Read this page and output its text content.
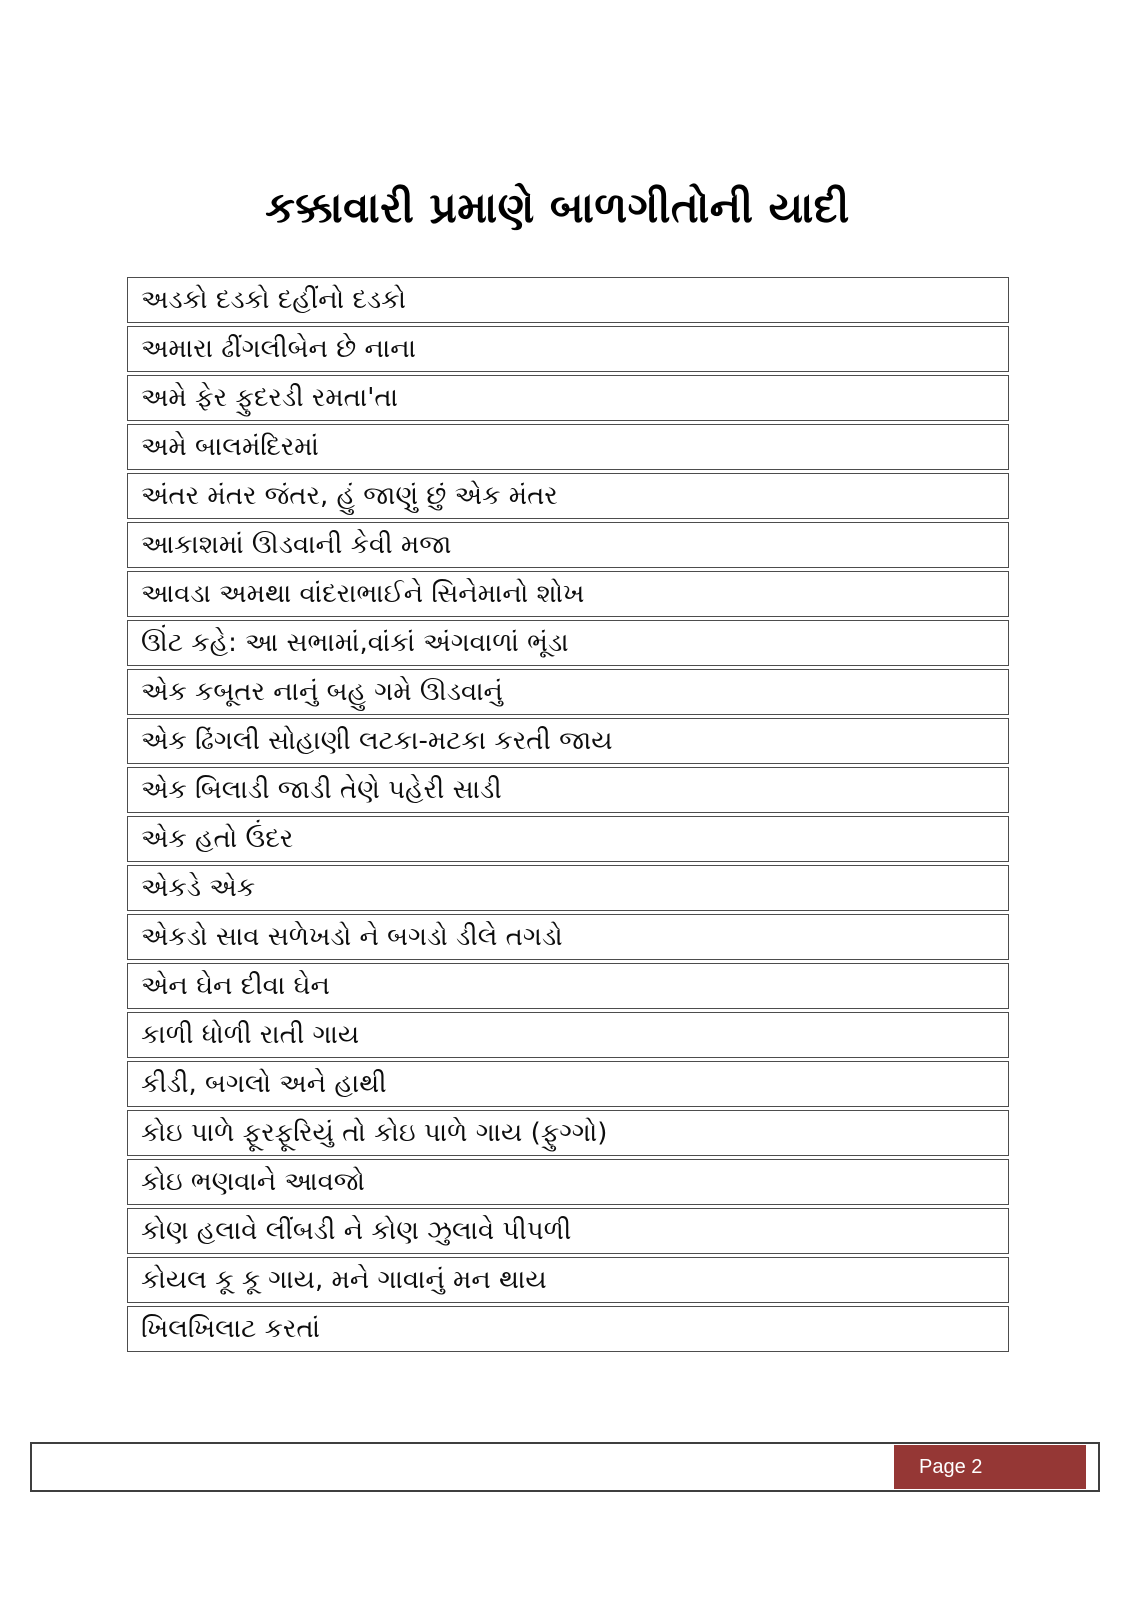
કક્કાવારી પ્રમાણે બાળગીતોની યાદી
અડકો દડકો દહીંનો દડકો
અમારા ઢીંગલીબેન છે નાના
અમે ફેર ફુદરડી રમતા'તા
અમે બાલમંદિરમાં
અંતર મંતર જંતર, હું જાણું છું એક મંતર
આકાશમાં ઊડવાની કેવી મજા
આવડા અમથા વાંદરાભાઈને સિનેમાનો શોખ
ઊંટ કહે: આ સભામાં,વાંકાં અંગવાળાં ભૂંડા
એક કબૂતર નાનું બહુ ગમે ઊડવાનું
એક ઢિંગલી સોહાણી લટકા-મટકા કરતી જાય
એક બિલાડી જાડી તેણે પહેરી સાડી
એક હતો ઉંદર
એકડે એક
એકડો સાવ સળેખડો ને બગડો ડીલે તગડો
એન ઘેન દીવા ઘેન
કાળી ધોળી રાતી ગાય
કીડી, બગલો અને હાથી
કોઇ પાળે ફૂરફૂરિયું તો કોઇ પાળે ગાય (ફુગ્ગો)
કોઇ ભણવાને આવજો
કોણ હલાવે લીંબડી ને કોણ ઝુલાવે પીપળી
કોયલ કૂ કૂ ગાય, મને ગાવાનું મન થાય
ખિલખિલાટ કરતાં
Page 2
